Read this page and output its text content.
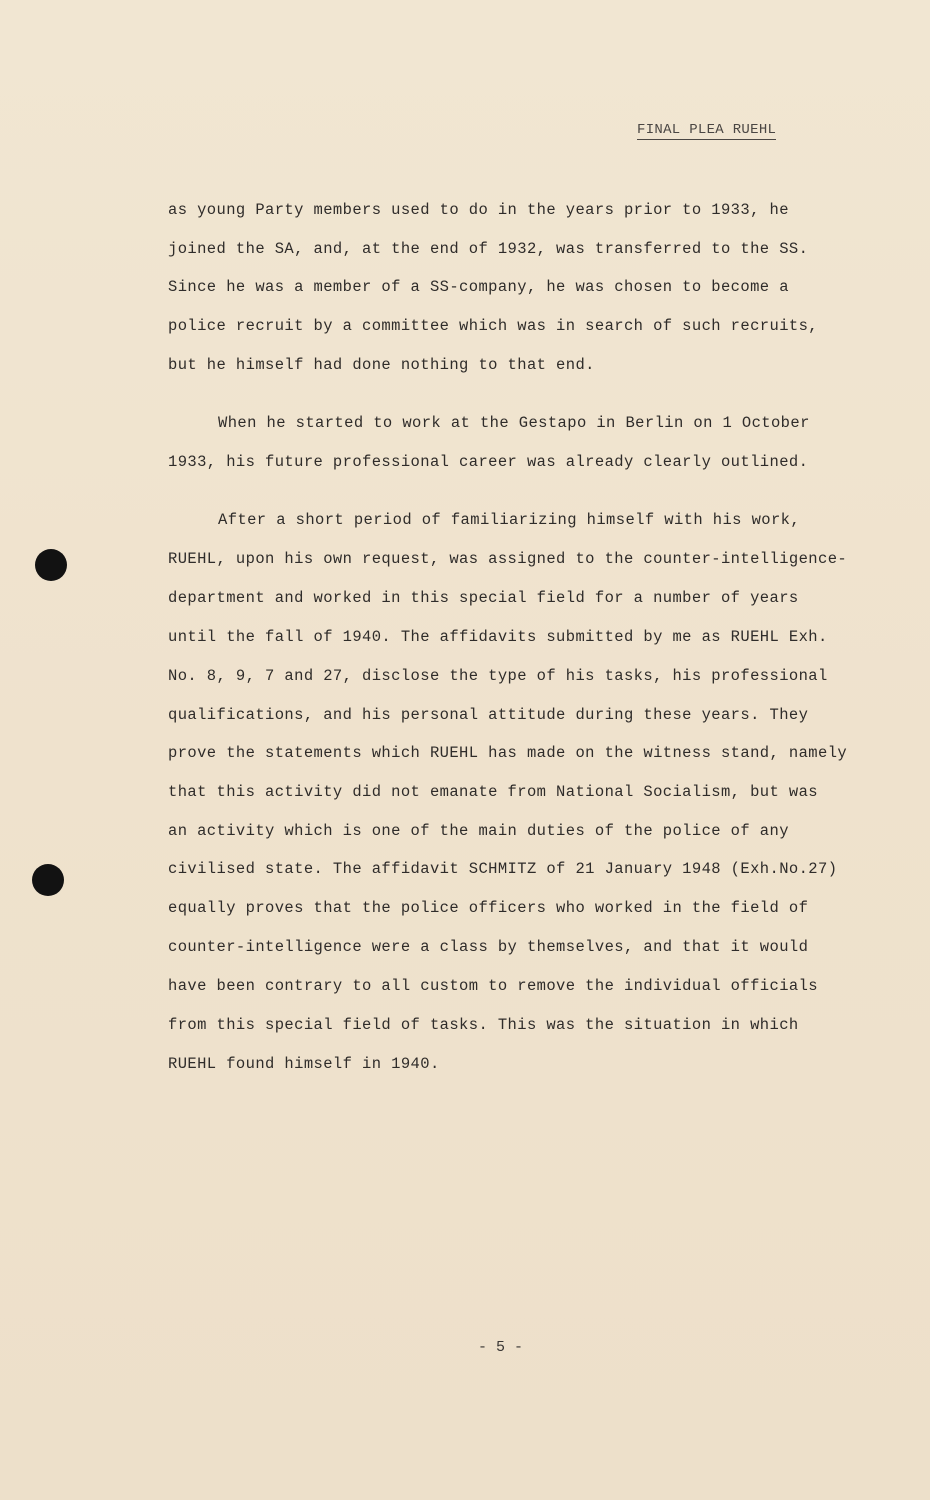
FINAL PLEA RUEHL
as young Party members used to do in the years prior to 1933, he
joined the SA, and, at the end of 1932, was transferred to the SS.
Since he was a member of a SS-company, he was chosen to become a
police recruit by a committee which was in search of such recruits,
but he himself had done nothing to that end.
When he started to work at the Gestapo in Berlin on 1 October
1933, his future professional career was already clearly outlined.
After a short period of familiarizing himself with his work,
RUEHL, upon his own request, was assigned to the counter-intelligence-
department and worked in this special field for a number of years
until the fall of 1940. The affidavits submitted by me as RUEHL Exh.
No. 8, 9, 7 and 27, disclose the type of his tasks, his professional
qualifications, and his personal attitude during these years. They
prove the statements which RUEHL has made on the witness stand, namely
that this activity did not emanate from National Socialism, but was
an activity which is one of the main duties of the police of any
civilised state. The affidavit SCHMITZ of 21 January 1948 (Exh.No.27)
equally proves that the police officers who worked in the field of
counter-intelligence were a class by themselves, and that it would
have been contrary to all custom to remove the individual officials
from this special field of tasks. This was the situation in which
RUEHL found himself in 1940.
- 5 -
